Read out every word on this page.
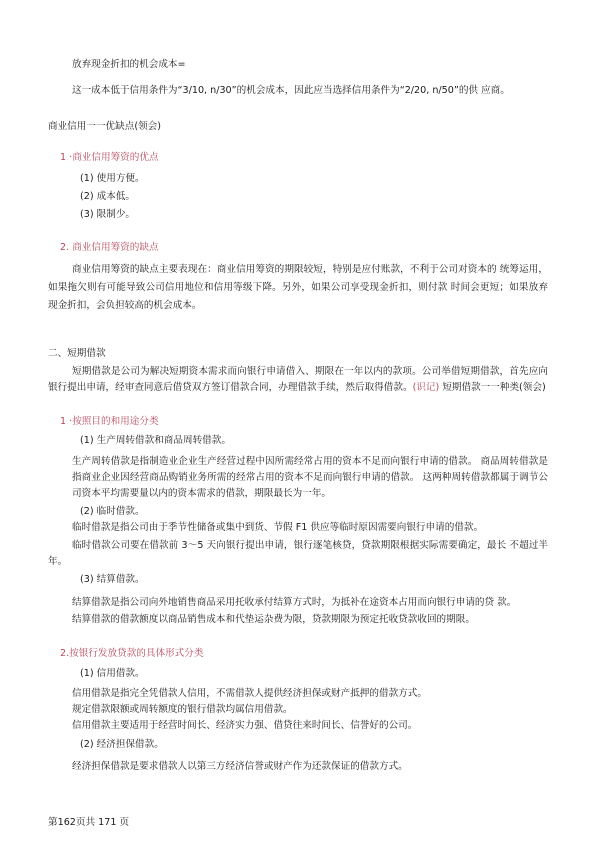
放弃现金折扣的机会成本=
这一成本低于信用条件为“3/10, n/30”的机会成本，因此应当选择信用条件为“2/20, n/50”的供 应商。
商业信用一一优缺点(领会)
1 ·商业信用筹资的优点
(1) 使用方便。
(2) 成本低。
(3) 限制少。
2. 商业信用筹资的缺点
商业信用筹资的缺点主要表现在：商业信用筹资的期限较短，特别是应付账款，不利于公司对资本的 统筹运用，
如果拖欠则有可能导致公司信用地位和信用等级下降。另外，如果公司享受现金折扣，则付款 时间会更短；如果放弃
现金折扣，会负担较高的机会成本。
二、短期借款
短期借款是公司为解决短期资本需求而向银行申请借入、期限在一年以内的款项。公司举借短期借款，首先应向
银行提出申请，经审查同意后借贷双方签订借款合同，办理借款手续，然后取得借款。(识记) 短期借款一一种类(领会)
1 ·按照目的和用途分类
(1) 生产周转借款和商品周转借款。
生产周转借款是指制造业企业生产经营过程中因所需经常占用的资本不足而向银行申请的借款。 商品周转借款是
指商业企业因经营商品购销业务所需的经常占用的资本不足而向银行申请的借款。 这两种周转借款都属于调节公
司资本平均需要量以内的资本需求的借款，期限最长为一年。
(2) 临时借款。
临时借款是指公司由于季节性储备或集中到货、节假 F1 供应等临时原因需要向银行申请的借款。
临时借款公司要在借款前 3～5 天向银行提出申请，银行逐笔核贷，贷款期限根据实际需要确定，最长 不超过半
年。
(3) 结算借款。
结算借款是指公司向外地销售商品采用托收承付结算方式时，为抵补在途资本占用而向银行申请的贷 款。
结算借款的借款额度以商品销售成本和代垫运杂费为限，贷款期限为预定托收贷款收回的期限。
2.按银行发放贷款的具体形式分类
(1) 信用借款。
信用借款是指完全凭借款人信用，不需借款人提供经济担保或财产抵押的借款方式。
规定借款限额或周转额度的银行借款均属信用借款。
信用借款主要适用于经营时间长、经济实力强、借贷往来时间长、信誉好的公司。
(2) 经济担保借款。
经济担保借款是要求借款人以第三方经济信誉或财产作为还款保证的借款方式。
第162页共 171 页
